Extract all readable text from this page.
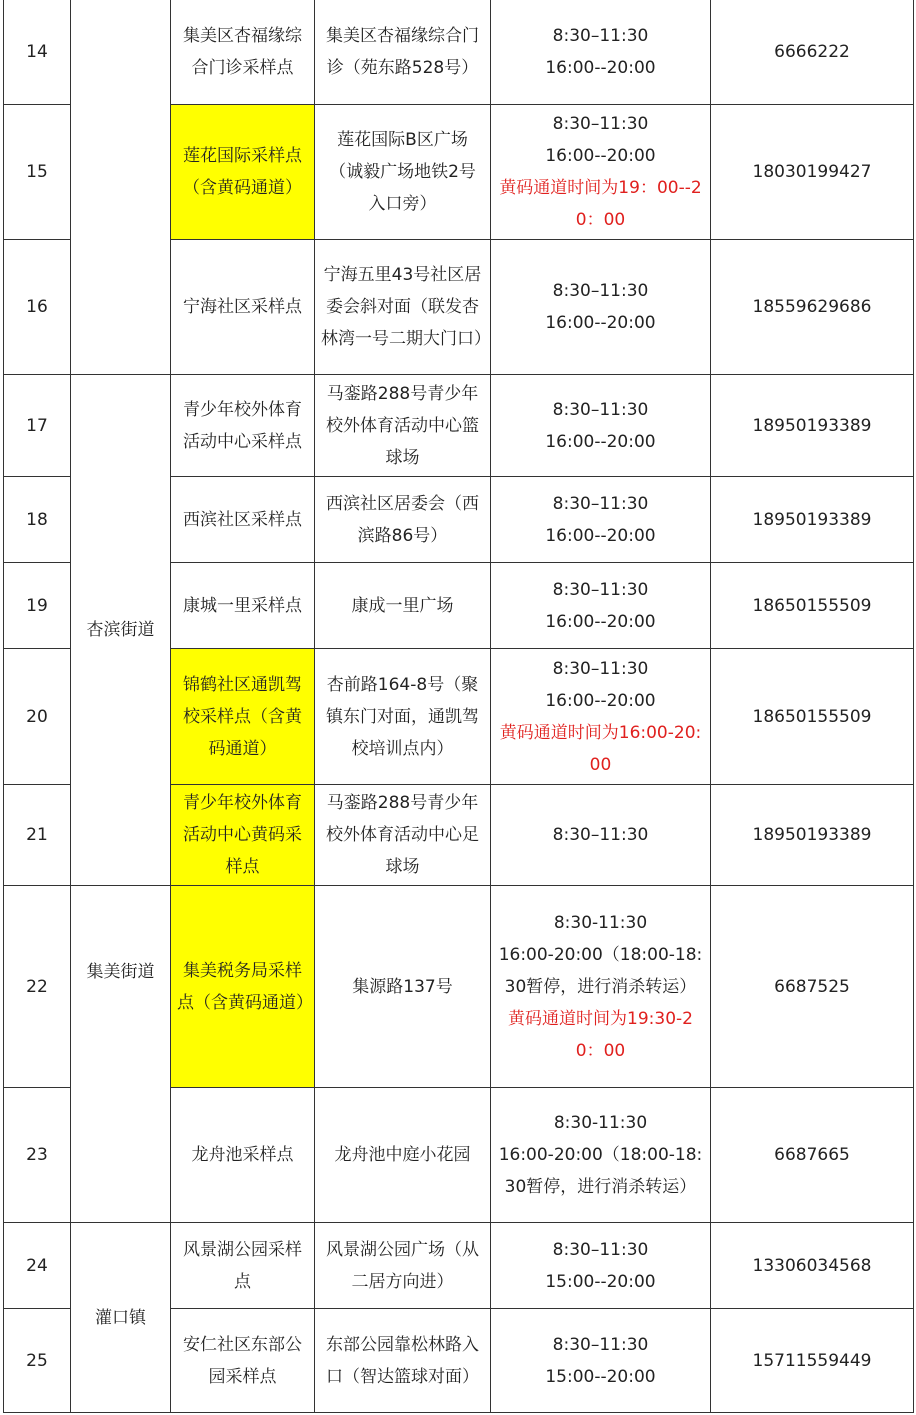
14		集美区杏福缘综合门诊采样点	集美区杏福缘综合门诊（苑东路528号）	8:30–11:30
16:00--20:00	6666222
15		莲花国际采样点（含黄码通道）	莲花国际B区广场（诚毅广场地铁2号入口旁）	8:30–11:30
16:00--20:00
黄码通道时间为19：00--20：00	18030199427
16		宁海社区采样点	宁海五里43号社区居委会斜对面（联发杏林湾一号二期大门口）	8:30–11:30
16:00--20:00	18559629686
17	杏滨街道	青少年校外体育活动中心采样点	马銮路288号青少年校外体育活动中心篮球场	8:30–11:30
16:00--20:00	18950193389
18		西滨社区采样点	西滨社区居委会（西滨路86号）	8:30–11:30
16:00--20:00	18950193389
19		康城一里采样点	康成一里广场	8:30–11:30
16:00--20:00	18650155509
20		锦鹤社区通凯驾校采样点（含黄码通道）	杏前路164-8号（聚镇东门对面，通凯驾校培训点内）	8:30–11:30
16:00--20:00
黄码通道时间为16:00-20:00	18650155509
21		青少年校外体育活动中心黄码采样点	马銮路288号青少年校外体育活动中心足球场	8:30–11:30	18950193389
22	集美街道	集美税务局采样点（含黄码通道）	集源路137号	8:30-11:30
16:00-20:00（18:00-18:30暂停，进行消杀转运）
黄码通道时间为19:30-20：00	6687525
23		龙舟池采样点	龙舟池中庭小花园	8:30-11:30
16:00-20:00（18:00-18:30暂停，进行消杀转运）	6687665
24	灌口镇	风景湖公园采样点	风景湖公园广场（从二居方向进）	8:30–11:30
15:00--20:00	13306034568
25		安仁社区东部公园采样点	东部公园靠松林路入口（智达篮球对面）	8:30–11:30
15:00--20:00	15711559449
